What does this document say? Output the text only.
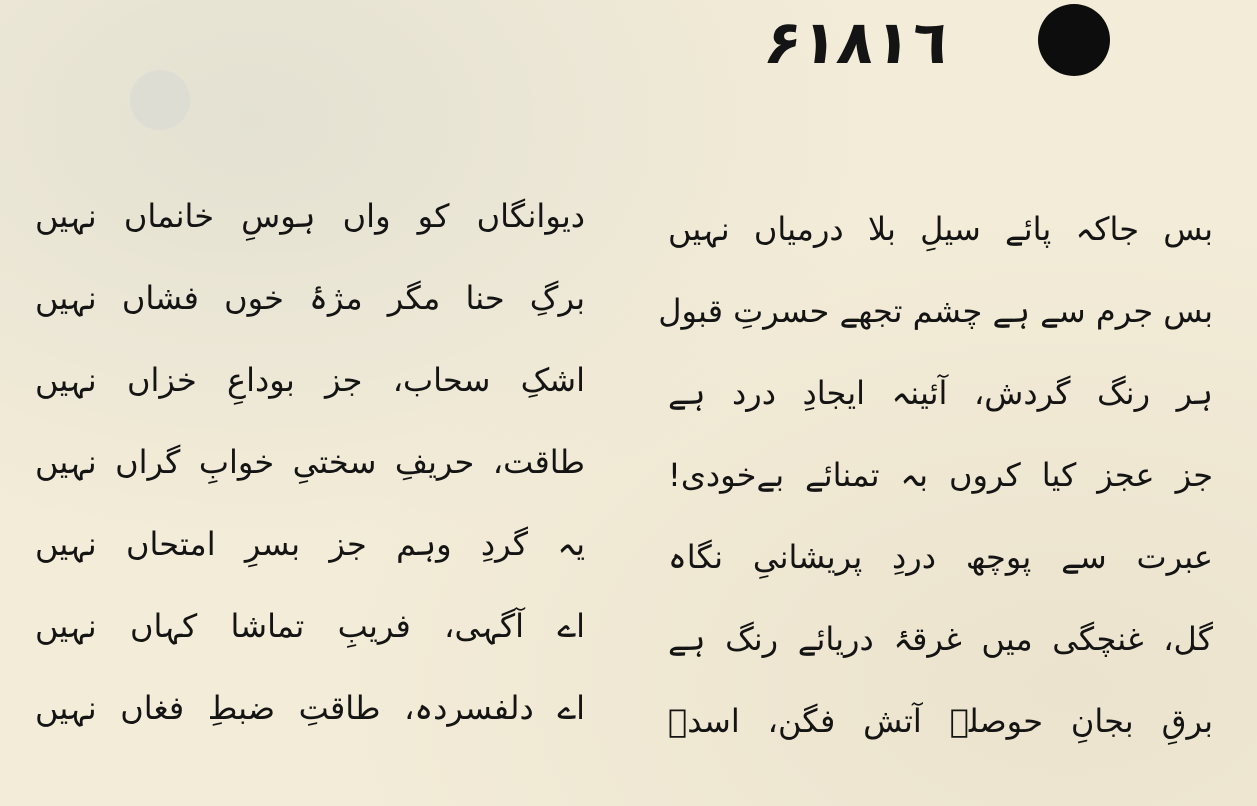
۶١٨١٦
بس جاکہ پائے سیلِ بلا درمیاں نہیں
بس جرم سے ہے چشم تجھے حسرتِ قبول
ہر رنگ گردش، آئینہ ایجادِ درد ہے
جز عجز کیا کروں بہ تمنائے بےخودی!
عبرت سے پوچھ دردِ پریشانیِ نگاہ
گل، غنچگی میں غرقۂ دریائے رنگ ہے
برقِ بجانِ حوصلہ آتش فگن، اسدؔ
دیوانگاں کو واں ہوسِ خانماں نہیں
برگِ حنا مگر مژۂ خوں فشاں نہیں
اشکِ سحاب، جز بوداعِ خزاں نہیں
طاقت، حریفِ سختیِ خوابِ گراں نہیں
یہ گردِ وہم جز بسرِ امتحاں نہیں
اے آگہی، فریبِ تماشا کہاں نہیں
اے دلفسردہ، طاقتِ ضبطِ فغاں نہیں
